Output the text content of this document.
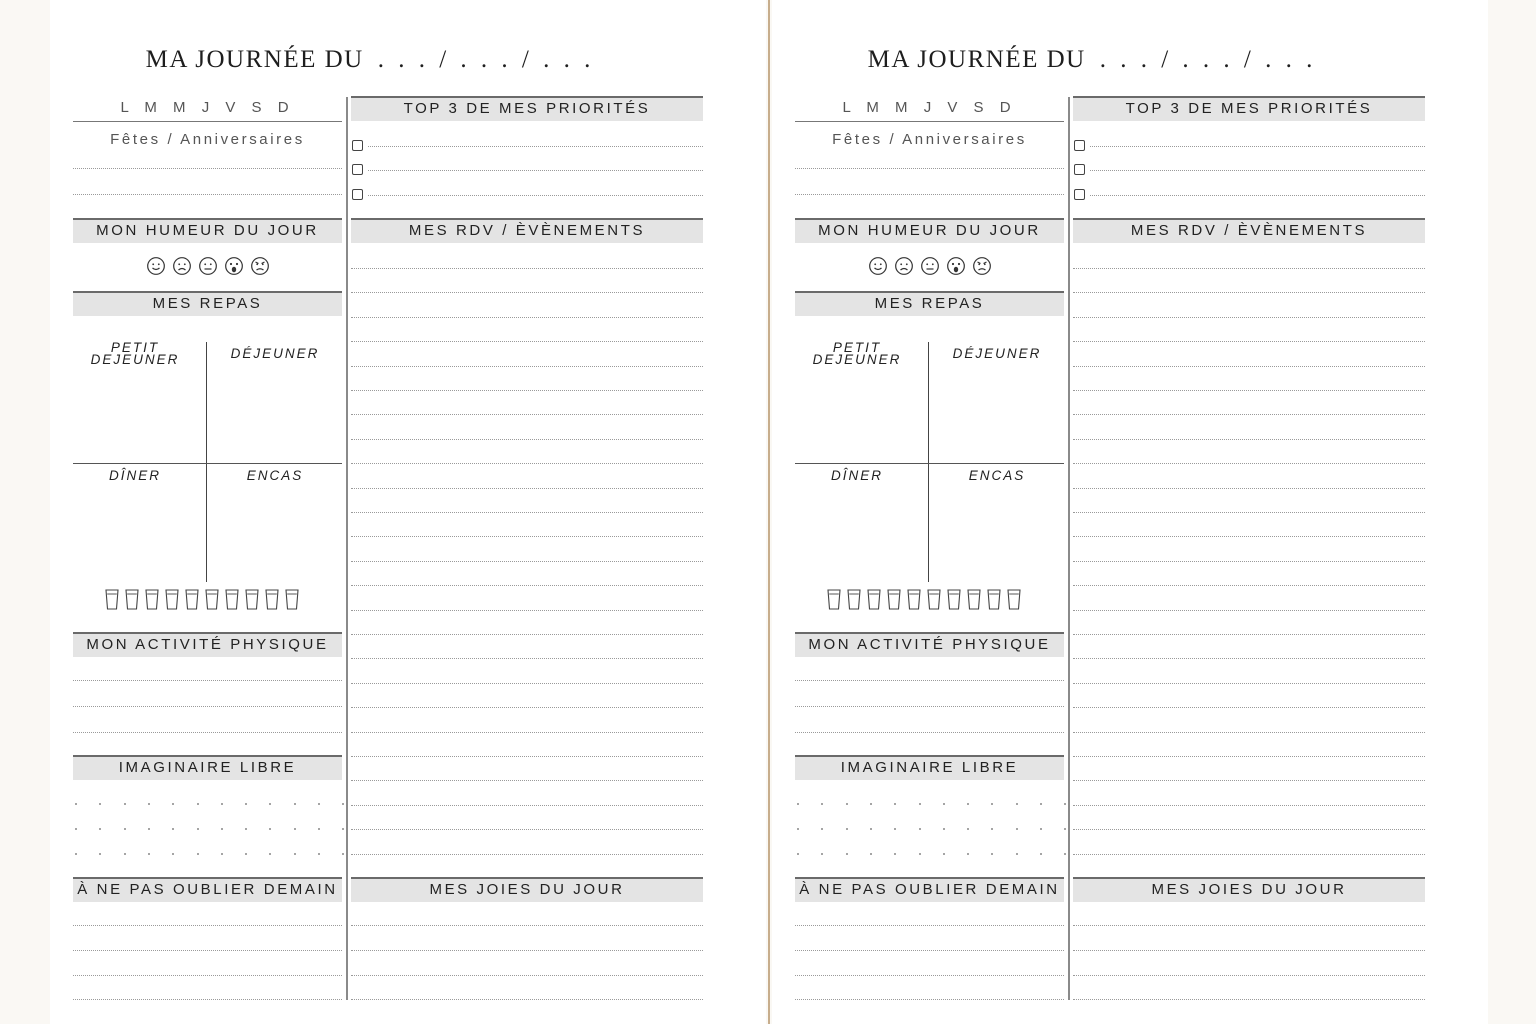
MA JOURNÉE DU . . . / . . . / . . .
L M M J V S D
Fêtes / Anniversaires
MON HUMEUR DU JOUR
MES REPAS
PETIT DEJEUNER	DÉJEUNER
DÎNER	ENCAS
MON ACTIVITÉ PHYSIQUE
IMAGINAIRE LIBRE
À NE PAS OUBLIER DEMAIN
TOP 3 DE MES PRIORITÉS
MES RDV / ÈVÈNEMENTS
MES JOIES DU JOUR
MA JOURNÉE DU . . . / . . . / . . .
L M M J V S D
Fêtes / Anniversaires
MON HUMEUR DU JOUR
MES REPAS
PETIT DEJEUNER	DÉJEUNER
DÎNER	ENCAS
MON ACTIVITÉ PHYSIQUE
IMAGINAIRE LIBRE
À NE PAS OUBLIER DEMAIN
TOP 3 DE MES PRIORITÉS
MES RDV / ÈVÈNEMENTS
MES JOIES DU JOUR
